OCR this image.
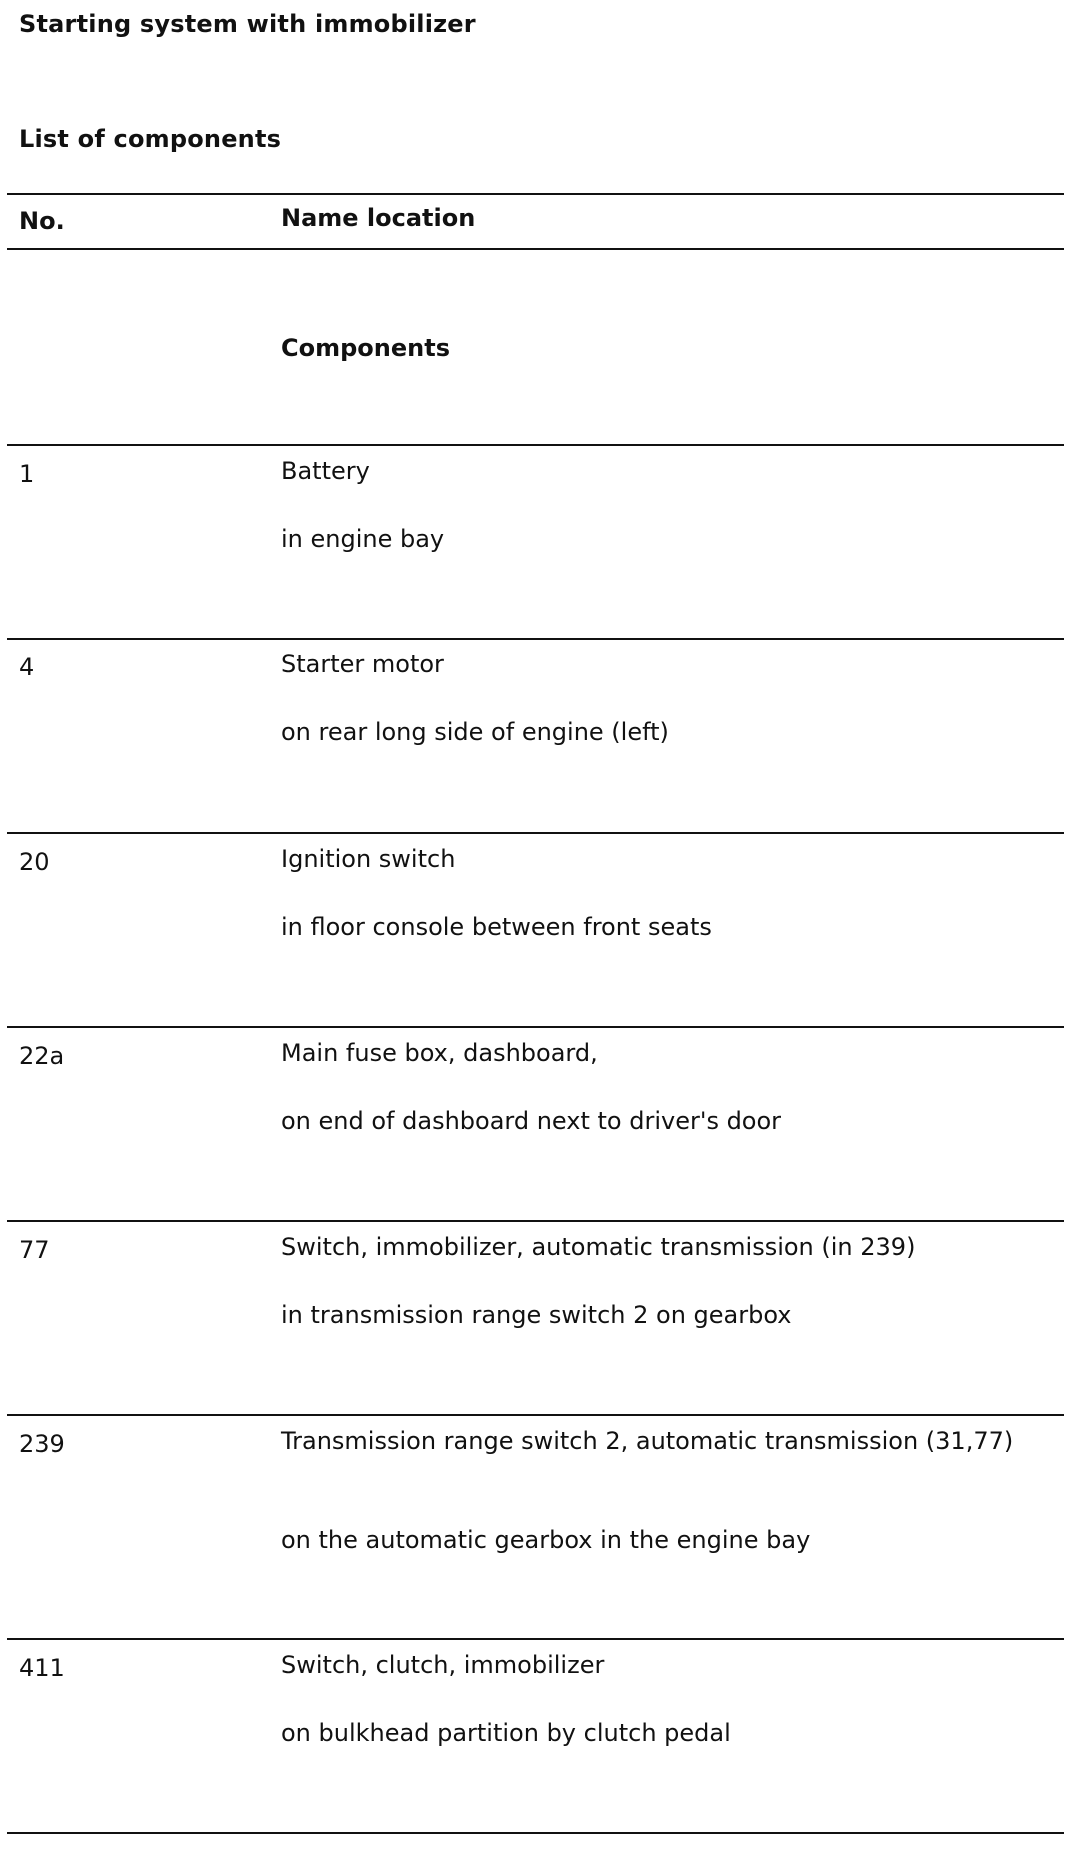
Starting system with immobilizer
List of components
No.	Name location
Components
1	Battery
in engine bay
4	Starter motor
on rear long side of engine (left)
20	Ignition switch
in floor console between front seats
22a	Main fuse box, dashboard,
on end of dashboard next to driver's door
77	Switch, immobilizer, automatic transmission (in 239)
in transmission range switch 2 on gearbox
239	Transmission range switch 2, automatic transmission (31,77)
on the automatic gearbox in the engine bay
411	Switch, clutch, immobilizer
on bulkhead partition by clutch pedal
